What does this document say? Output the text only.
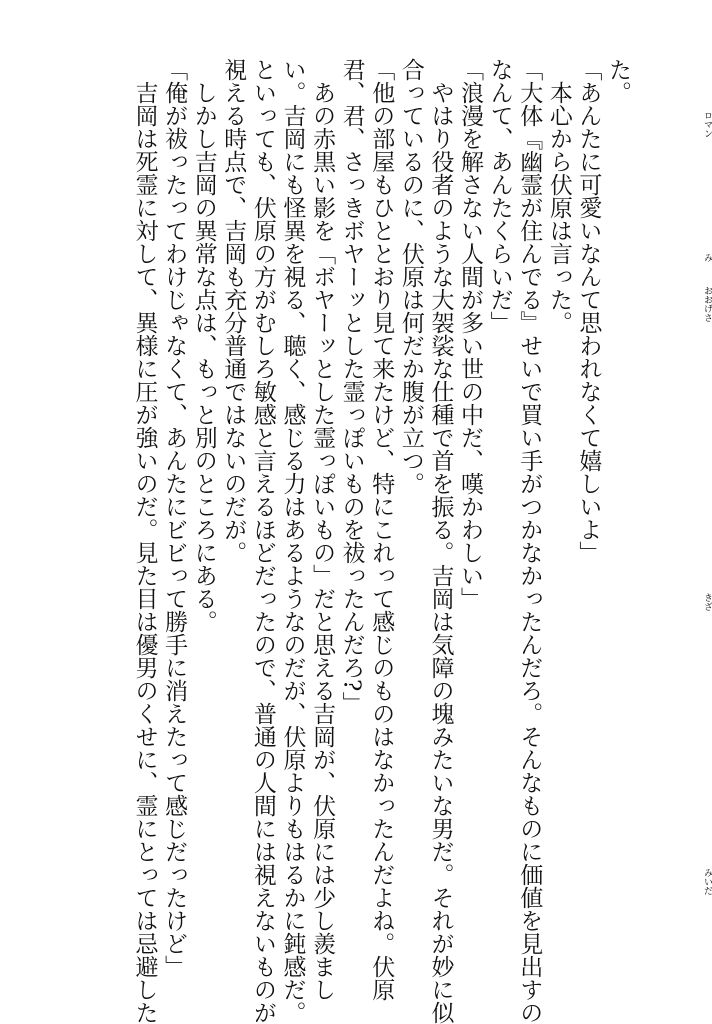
た。
「あんたに可愛いなんて思われなくて嬉しいよ」
本心から伏原は言った。
「大体『幽霊が住んでる』せいで買い手がつかなかったんだろ。そんなものに価値を見出すの
なんて、あんたくらいだ」
「浪漫を解さない人間が多い世の中だ、嘆かわしい」
やはり役者のような大袈裟な仕種で首を振る。吉岡は気障の塊みたいな男だ。それが妙に似
合っているのに、伏原は何だか腹が立つ。
「他の部屋もひととおり見て来たけど、特にこれって感じのものはなかったんだよね。伏原
君、君、さっきボヤーッとした霊っぽいものを祓ったんだろ?」
あの赤黒い影を「ボヤーッとした霊っぽいもの」だと思える吉岡が、伏原には少し羨まし
い。吉岡にも怪異を視る、聴く、感じる力はあるようなのだが、伏原よりもはるかに鈍感だ。
といっても、伏原の方がむしろ敏感と言えるほどだったので、普通の人間には視えないものが
視える時点で、吉岡も充分普通ではないのだが。
しかし吉岡の異常な点は、もっと別のところにある。
「俺が祓ったってわけじゃなくて、あんたにビビって勝手に消えたって感じだったけど」
吉岡は死霊に対して、異様に圧が強いのだ。見た目は優男のくせに、霊にとっては忌避した	ロマン
おおげさ
きざ
み
みいだ
